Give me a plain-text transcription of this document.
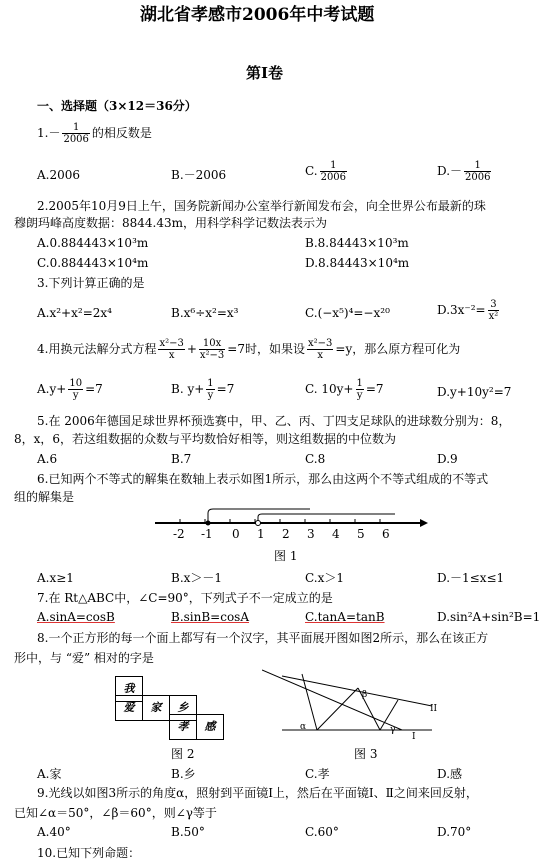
湖北省孝感市2006年中考试题
第I卷
一、选择题（3×12＝36分）
$1.- \frac{1}{2006}$ 的相反数是
A.2006	B.－2006	C. $\frac{1}{2006}$	$D.- \frac{1}{2006}$
2.2005年10月9日上午，国务院新闻办公室举行新闻发布会，向全世界公布最新的珠
穆朗玛峰高度数据：8844.43m，用科学科学记数法表示为
A.0.884443×10³m	B.8.84443×10³m
C.0.884443×10⁴m	D.8.84443×10⁴m
3.下列计算正确的是
A.x²+x²=2x⁴	B.x⁶÷x²=x³	C.(−x⁵)⁴=−x²⁰	$D.3x^{-2}= \frac{3}{\text{x²}}$
4.用换元法解分式方程 $\frac{\text{x²−3}}{x} + \frac{10x}{\text{x²−3}} =7$时，如果设 $\frac{\text{x²−3}}{x} =y$，那么原方程可化为
$A.y+ \frac{10}{y} =7$	B. $y+ \frac{1}{y} =7$	C. $10y+ \frac{1}{y} =7$	D.y+10y²=7
5.在 2006年德国足球世界杯预选赛中，甲、乙、丙、丁四支足球队的进球数分别为：8，
8，x，6，若这组数据的众数与平均数恰好相等，则这组数据的中位数为
A.6	B.7	C.8	D.9
6.已知两个不等式的解集在数轴上表示如图1所示，那么由这两个不等式组成的不等式
组的解集是
-2 -1 0 1 2 3 4 5 6
图 1
A.x≥1	B.x＞－1	C.x＞1	D.－1≤x≤1
7.在 Rt△ABC中，∠C=90°，下列式子不一定成立的是
A.sinA=cosB	B.sinB=cosA	C.tanA=tanB	D.sin²A+sin²B=1
8.一个正方形的每一个面上都写有一个汉字，其平面展开图如图2所示，那么在该正方
形中，与 “爱” 相对的字是
我
爱	家	乡
孝	感
图 2
α
β
γ
I
II
图 3
A.家	B.乡	C.孝	D.感
9.光线以如图3所示的角度α，照射到平面镜Ⅰ上，然后在平面镜Ⅰ、Ⅱ之间来回反射，
已知∠α＝50°，∠β＝60°，则∠γ等于
A.40°	B.50°	C.60°	D.70°
10.已知下列命题：
